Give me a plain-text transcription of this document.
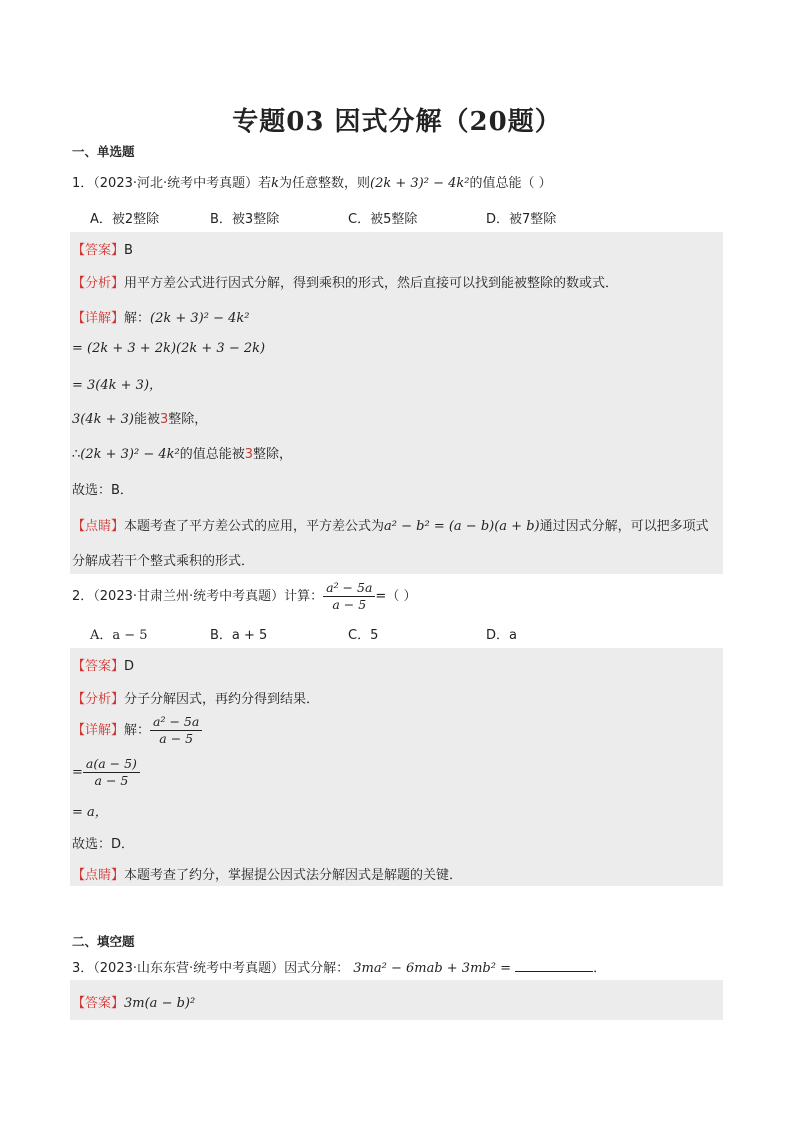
专题03 因式分解（20题）
一、单选题
1．（2023·河北·统考中考真题）若k为任意整数，则(2k + 3)² − 4k²的值总能（ ）
A．被2整除	B．被3整除	C．被5整除	D．被7整除
【答案】B
【分析】用平方差公式进行因式分解，得到乘积的形式，然后直接可以找到能被整除的数或式．
【详解】解：(2k + 3)² − 4k²
= (2k + 3 + 2k)(2k + 3 − 2k)
= 3(4k + 3)，
3(4k + 3)能被3整除，
∴(2k + 3)² − 4k²的值总能被3整除，
故选：B．
【点睛】本题考查了平方差公式的应用，平方差公式为a² − b² = (a − b)(a + b)通过因式分解，可以把多项式
分解成若干个整式乘积的形式．
2．（2023·甘肃兰州·统考中考真题）计算： $\frac{\text{a² − 5a}}{a - 5}$ =（ ）
A．a − 5	B．a + 5	C．5	D．a
【答案】D
【分析】分子分解因式，再约分得到结果．
【详解】解： $\frac{\text{a² − 5a}}{a - 5}$
= $\frac{a(a - 5)}{a - 5}$
= a，
故选：D．
【点睛】本题考查了约分，掌握提公因式法分解因式是解题的关键．
二、填空题
3．（2023·山东东营·统考中考真题）因式分解： 3ma² − 6mab + 3mb² =	．
【答案】3m(a − b)²
